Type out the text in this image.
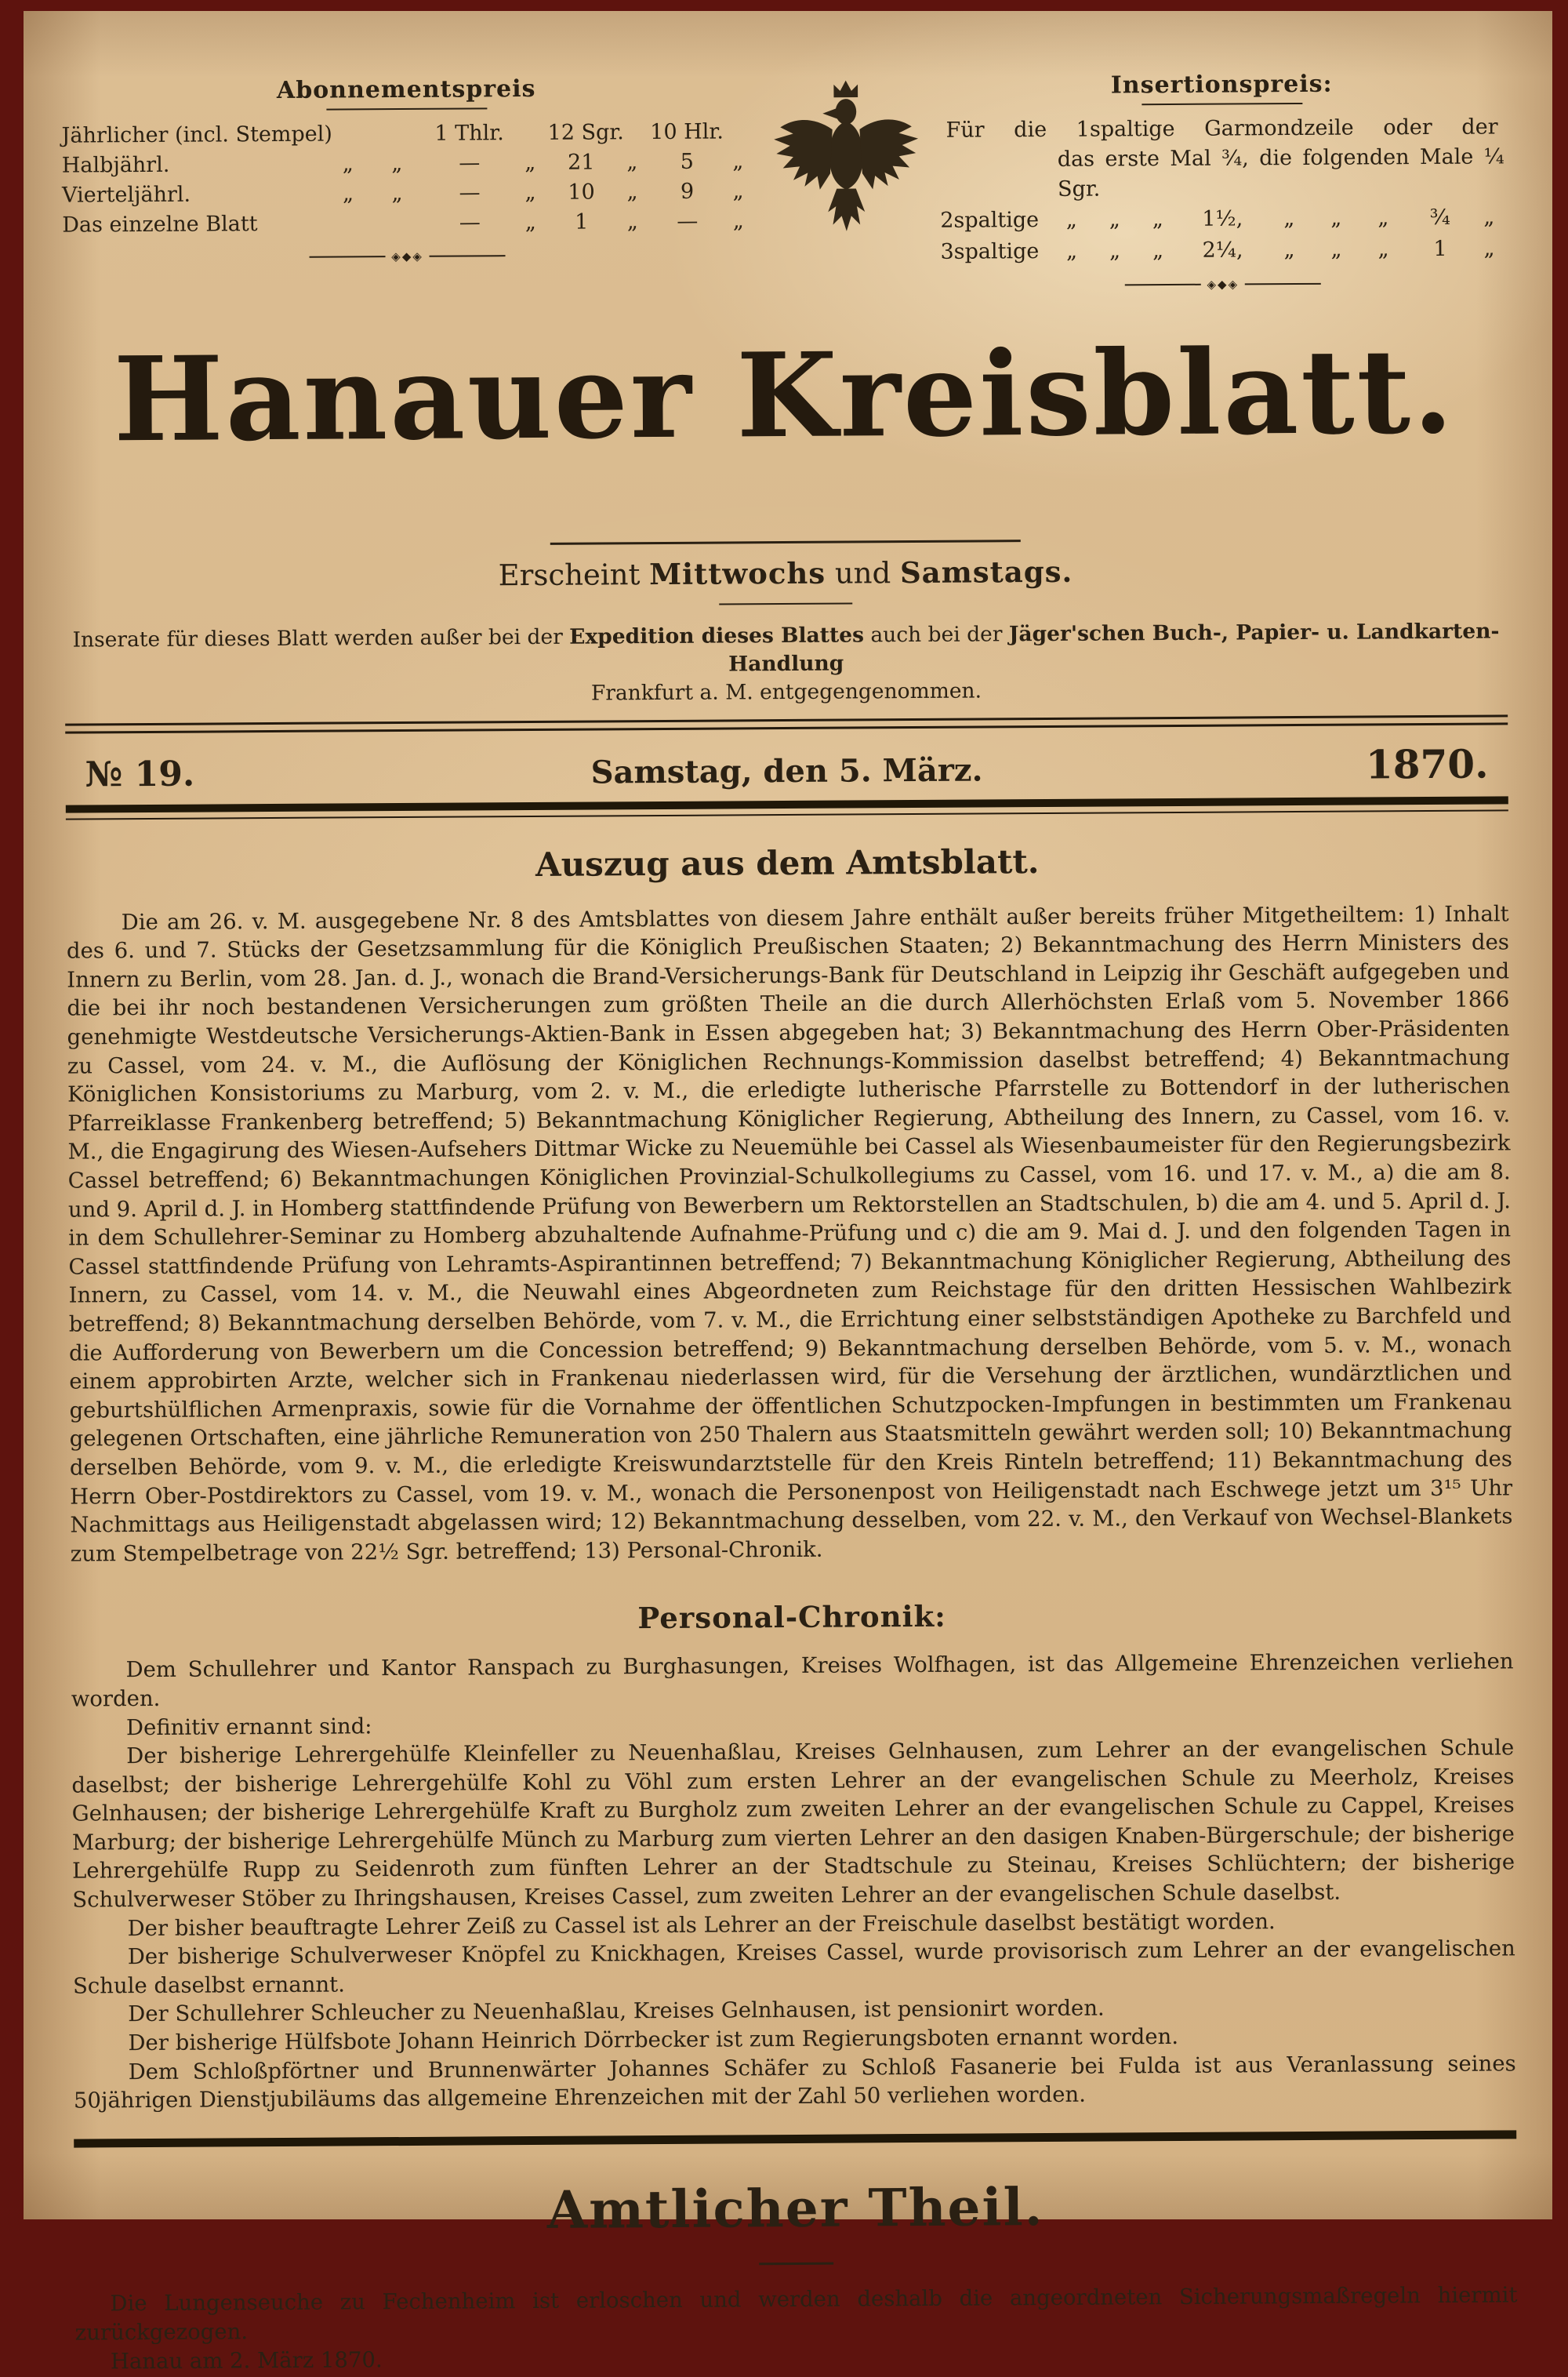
Abonnementspreis
Jährlicher (incl. Stempel)	1 Thlr.	12 Sgr. 10 Hlr.
Halbjährl.	„	„	—	„	21	„	5	„
Vierteljährl.	„	„	—	„	10	„	9	„
Das einzelne Blatt	—	„	1	„	—	„
◈◆◈
Insertionspreis:
Für die 1spaltige Garmondzeile oder der
das erste Mal ¾, die folgenden Male ¼ Sgr.
2spaltige	„	„	„	1½,	„	„	„	¾	„
3spaltige	„	„	„	2¼,	„	„	„	1	„
◈◆◈
Hanauer Kreisblatt.
Erscheint Mittwochs und Samstags.
Inserate für dieses Blatt werden außer bei der Expedition dieses Blattes auch bei der Jäger'schen Buch-, Papier- u. Landkarten-Handlung
Frankfurt a. M. entgegengenommen.
№ 19.	Samstag, den 5. März.	1870.
Auszug aus dem Amtsblatt.

Die am 26. v. M. ausgegebene Nr. 8 des Amtsblattes von diesem Jahre enthält außer bereits früher Mitgetheiltem: 1) Inhalt des 6. und 7. Stücks der Gesetzsammlung für die Königlich Preußischen Staaten; 2) Bekanntmachung des Herrn Ministers des Innern zu Berlin, vom 28. Jan. d. J., wonach die Brand-Versicherungs-Bank für Deutschland in Leipzig ihr Geschäft aufgegeben und die bei ihr noch bestandenen Versicherungen zum größten Theile an die durch Allerhöchsten Erlaß vom 5. November 1866 genehmigte Westdeutsche Versicherungs-Aktien-Bank in Essen abgegeben hat; 3) Bekanntmachung des Herrn Ober-Präsidenten zu Cassel, vom 24. v. M., die Auflösung der Königlichen Rechnungs-Kommission daselbst betreffend; 4) Bekanntmachung Königlichen Konsistoriums zu Marburg, vom 2. v. M., die erledigte lutherische Pfarrstelle zu Bottendorf in der lutherischen Pfarreiklasse Frankenberg betreffend; 5) Bekanntmachung Königlicher Regierung, Abtheilung des Innern, zu Cassel, vom 16. v. M., die Engagirung des Wiesen-Aufsehers Dittmar Wicke zu Neuemühle bei Cassel als Wiesenbaumeister für den Regierungsbezirk Cassel betreffend; 6) Bekanntmachungen Königlichen Provinzial-Schulkollegiums zu Cassel, vom 16. und 17. v. M., a) die am 8. und 9. April d. J. in Homberg stattfindende Prüfung von Bewerbern um Rektorstellen an Stadtschulen, b) die am 4. und 5. April d. J. in dem Schullehrer-Seminar zu Homberg abzuhaltende Aufnahme-Prüfung und c) die am 9. Mai d. J. und den folgenden Tagen in Cassel stattfindende Prüfung von Lehramts-Aspirantinnen betreffend; 7) Bekanntmachung Königlicher Regierung, Abtheilung des Innern, zu Cassel, vom 14. v. M., die Neuwahl eines Abgeordneten zum Reichstage für den dritten Hessischen Wahlbezirk betreffend; 8) Bekanntmachung derselben Behörde, vom 7. v. M., die Errichtung einer selbstständigen Apotheke zu Barchfeld und die Aufforderung von Bewerbern um die Concession betreffend; 9) Bekanntmachung derselben Behörde, vom 5. v. M., wonach einem approbirten Arzte, welcher sich in Frankenau niederlassen wird, für die Versehung der ärztlichen, wundärztlichen und geburtshülflichen Armenpraxis, sowie für die Vornahme der öffentlichen Schutzpocken-Impfungen in bestimmten um Frankenau gelegenen Ortschaften, eine jährliche Remuneration von 250 Thalern aus Staatsmitteln gewährt werden soll; 10) Bekanntmachung derselben Behörde, vom 9. v. M., die erledigte Kreiswundarztstelle für den Kreis Rinteln betreffend; 11) Bekanntmachung des Herrn Ober-Postdirektors zu Cassel, vom 19. v. M., wonach die Personenpost von Heiligenstadt nach Eschwege jetzt um 3¹⁵ Uhr Nachmittags aus Heiligenstadt abgelassen wird; 12) Bekanntmachung desselben, vom 22. v. M., den Verkauf von Wechsel-Blankets zum Stempelbetrage von 22½ Sgr. betreffend; 13) Personal-Chronik.

Personal-Chronik:

Dem Schullehrer und Kantor Ranspach zu Burghasungen, Kreises Wolfhagen, ist das Allgemeine Ehrenzeichen verliehen worden.

Definitiv ernannt sind:

Der bisherige Lehrergehülfe Kleinfeller zu Neuenhaßlau, Kreises Gelnhausen, zum Lehrer an der evangelischen Schule daselbst; der bisherige Lehrergehülfe Kohl zu Vöhl zum ersten Lehrer an der evangelischen Schule zu Meerholz, Kreises Gelnhausen; der bisherige Lehrergehülfe Kraft zu Burgholz zum zweiten Lehrer an der evangelischen Schule zu Cappel, Kreises Marburg; der bisherige Lehrergehülfe Münch zu Marburg zum vierten Lehrer an den dasigen Knaben-Bürgerschule; der bisherige Lehrergehülfe Rupp zu Seidenroth zum fünften Lehrer an der Stadtschule zu Steinau, Kreises Schlüchtern; der bisherige Schulverweser Stöber zu Ihringshausen, Kreises Cassel, zum zweiten Lehrer an der evangelischen Schule daselbst.

Der bisher beauftragte Lehrer Zeiß zu Cassel ist als Lehrer an der Freischule daselbst bestätigt worden.

Der bisherige Schulverweser Knöpfel zu Knickhagen, Kreises Cassel, wurde provisorisch zum Lehrer an der evangelischen Schule daselbst ernannt.

Der Schullehrer Schleucher zu Neuenhaßlau, Kreises Gelnhausen, ist pensionirt worden.

Der bisherige Hülfsbote Johann Heinrich Dörrbecker ist zum Regierungsboten ernannt worden.

Dem Schloßpförtner und Brunnenwärter Johannes Schäfer zu Schloß Fasanerie bei Fulda ist aus Veranlassung seines 50jährigen Dienstjubiläums das allgemeine Ehrenzeichen mit der Zahl 50 verliehen worden.

Amtlicher Theil.

Die Lungenseuche zu Fechenheim ist erloschen und werden deshalb die angeordneten Sicherungsmaßregeln hiermit zurückgezogen.

Hanau am 2. März 1870.
